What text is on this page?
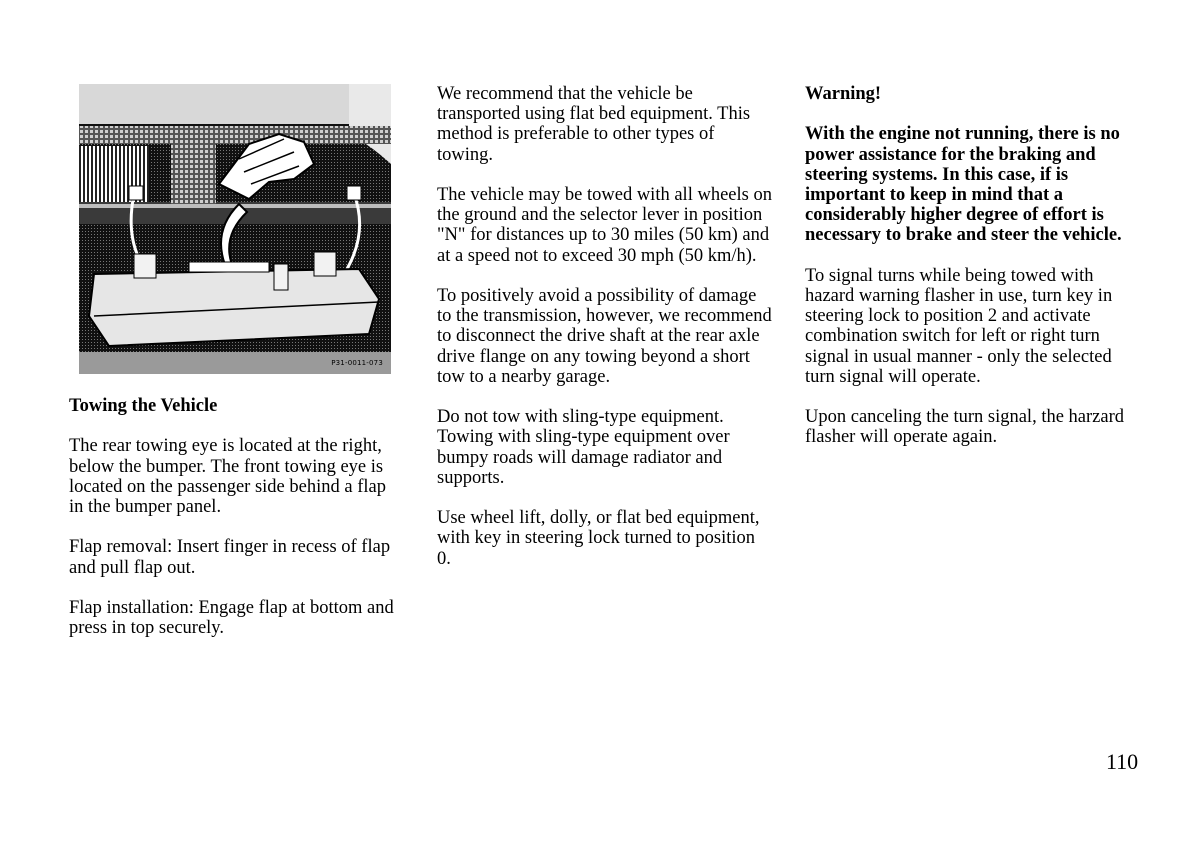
P31-0011-073

Towing the Vehicle

The rear towing eye is located at the right, below the bumper. The front towing eye is located on the passenger side behind a flap in the bumper panel.

Flap removal: Insert finger in recess of flap and pull flap out.

Flap installation: Engage flap at bottom and press in top securely.

We recommend that the vehicle be transported using flat bed equipment. This method is preferable to other types of towing.

The vehicle may be towed with all wheels on the ground and the selector lever in position "N" for distances up to 30 miles (50 km) and at a speed not to exceed 30 mph (50 km/h).

To positively avoid a possibility of damage to the transmission, however, we recommend to disconnect the drive shaft at the rear axle drive flange on any towing beyond a short tow to a nearby garage.

Do not tow with sling-type equipment. Towing with sling-type equipment over bumpy roads will damage radiator and supports.

Use wheel lift, dolly, or flat bed equipment, with key in steering lock turned to position 0.

Warning!

With the engine not running, there is no power assistance for the braking and steering systems. In this case, if is important to keep in mind that a considerably higher degree of effort is necessary to brake and steer the vehicle.

To signal turns while being towed with hazard warning flasher in use, turn key in steering lock to position 2 and activate combination switch for left or right turn signal in usual manner - only the selected turn signal will operate.

Upon canceling the turn signal, the harzard flasher will operate again.

110
